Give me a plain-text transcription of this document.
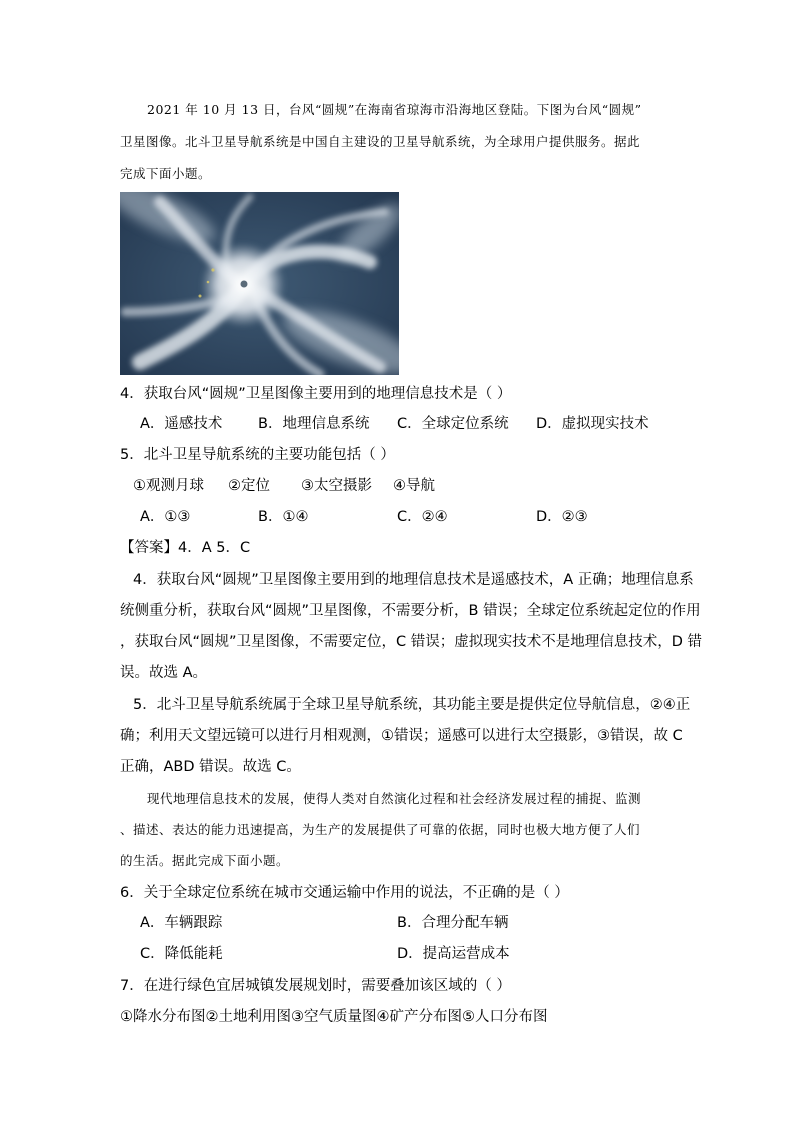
2021 年 10 月 13 日，台风“圆规”在海南省琼海市沿海地区登陆。下图为台风“圆规”
卫星图像。北斗卫星导航系统是中国自主建设的卫星导航系统，为全球用户提供服务。据此
完成下面小题。
4．获取台风“圆规”卫星图像主要用到的地理信息技术是（ ）
A．遥感技术 B．地理信息系统 C．全球定位系统 D．虚拟现实技术
5．北斗卫星导航系统的主要功能包括（ ）
①观测月球 ②定位 ③太空摄影 ④导航
A．①③	B．①④	C．②④	D．②③
【答案】4．A 5．C
4．获取台风“圆规”卫星图像主要用到的地理信息技术是遥感技术，A 正确；地理信息系
统侧重分析，获取台风“圆规”卫星图像，不需要分析，B 错误；全球定位系统起定位的作用
，获取台风“圆规”卫星图像，不需要定位，C 错误；虚拟现实技术不是地理信息技术，D 错
误。故选 A。
5．北斗卫星导航系统属于全球卫星导航系统，其功能主要是提供定位导航信息，②④正
确；利用天文望远镜可以进行月相观测，①错误；遥感可以进行太空摄影，③错误，故 C
正确，ABD 错误。故选 C。
现代地理信息技术的发展，使得人类对自然演化过程和社会经济发展过程的捕捉、监测
、描述、表达的能力迅速提高，为生产的发展提供了可靠的依据，同时也极大地方便了人们
的生活。据此完成下面小题。
6．关于全球定位系统在城市交通运输中作用的说法，不正确的是（ ）
A．车辆跟踪	B．合理分配车辆
C．降低能耗	D．提高运营成本
7．在进行绿色宜居城镇发展规划时，需要叠加该区域的（ ）
①降水分布图②土地利用图③空气质量图④矿产分布图⑤人口分布图
